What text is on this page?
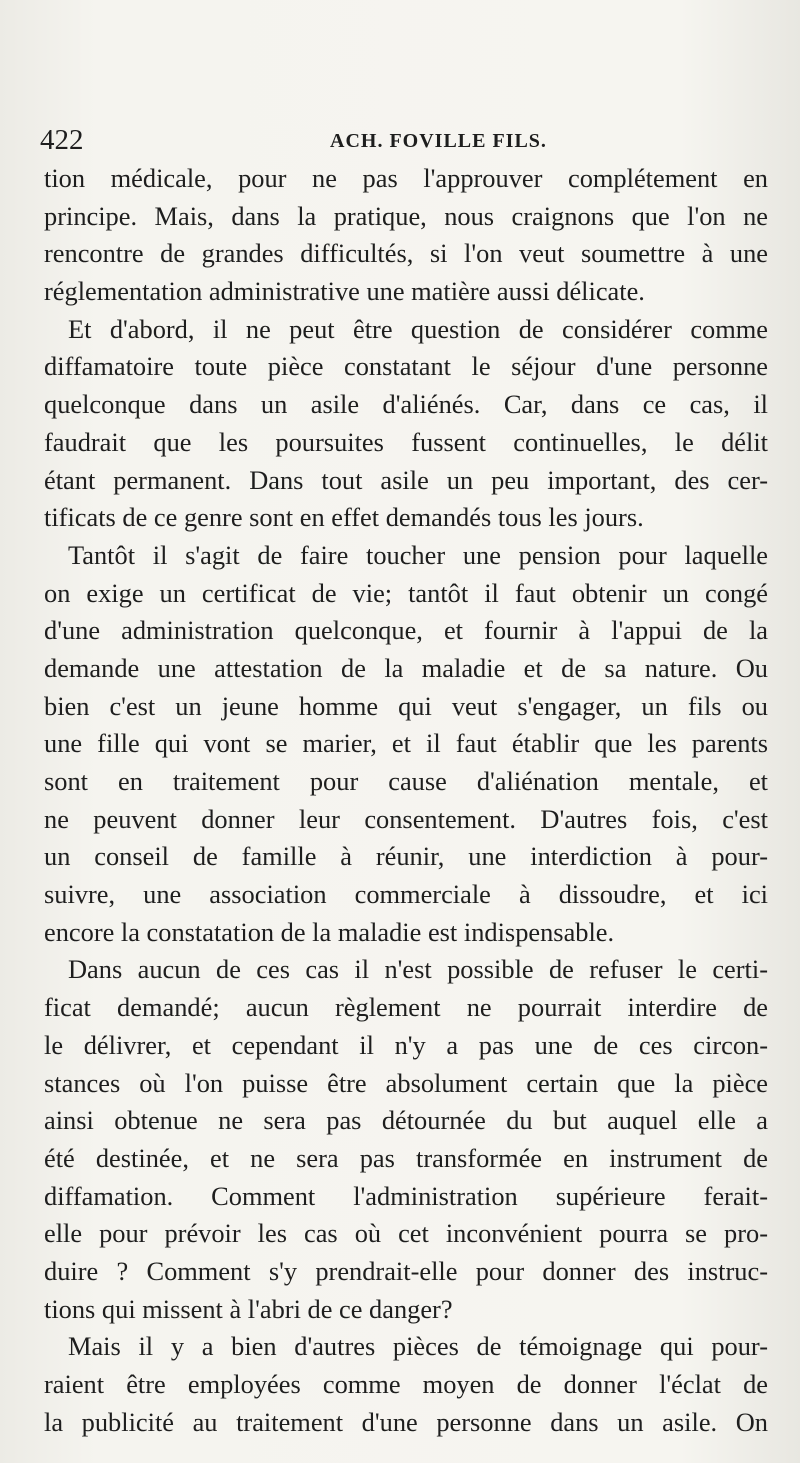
422	ACH. FOVILLE FILS.
tion médicale, pour ne pas l'approuver complétement en
principe. Mais, dans la pratique, nous craignons que l'on ne
rencontre de grandes difficultés, si l'on veut soumettre à une
réglementation administrative une matière aussi délicate.
Et d'abord, il ne peut être question de considérer comme
diffamatoire toute pièce constatant le séjour d'une personne
quelconque dans un asile d'aliénés. Car, dans ce cas, il
faudrait que les poursuites fussent continuelles, le délit
étant permanent. Dans tout asile un peu important, des cer-
tificats de ce genre sont en effet demandés tous les jours.
Tantôt il s'agit de faire toucher une pension pour laquelle
on exige un certificat de vie; tantôt il faut obtenir un congé
d'une administration quelconque, et fournir à l'appui de la
demande une attestation de la maladie et de sa nature. Ou
bien c'est un jeune homme qui veut s'engager, un fils ou
une fille qui vont se marier, et il faut établir que les parents
sont en traitement pour cause d'aliénation mentale, et
ne peuvent donner leur consentement. D'autres fois, c'est
un conseil de famille à réunir, une interdiction à pour-
suivre, une association commerciale à dissoudre, et ici
encore la constatation de la maladie est indispensable.
Dans aucun de ces cas il n'est possible de refuser le certi-
ficat demandé; aucun règlement ne pourrait interdire de
le délivrer, et cependant il n'y a pas une de ces circon-
stances où l'on puisse être absolument certain que la pièce
ainsi obtenue ne sera pas détournée du but auquel elle a
été destinée, et ne sera pas transformée en instrument de
diffamation. Comment l'administration supérieure ferait-
elle pour prévoir les cas où cet inconvénient pourra se pro-
duire ? Comment s'y prendrait-elle pour donner des instruc-
tions qui missent à l'abri de ce danger?
Mais il y a bien d'autres pièces de témoignage qui pour-
raient être employées comme moyen de donner l'éclat de
la publicité au traitement d'une personne dans un asile. On
